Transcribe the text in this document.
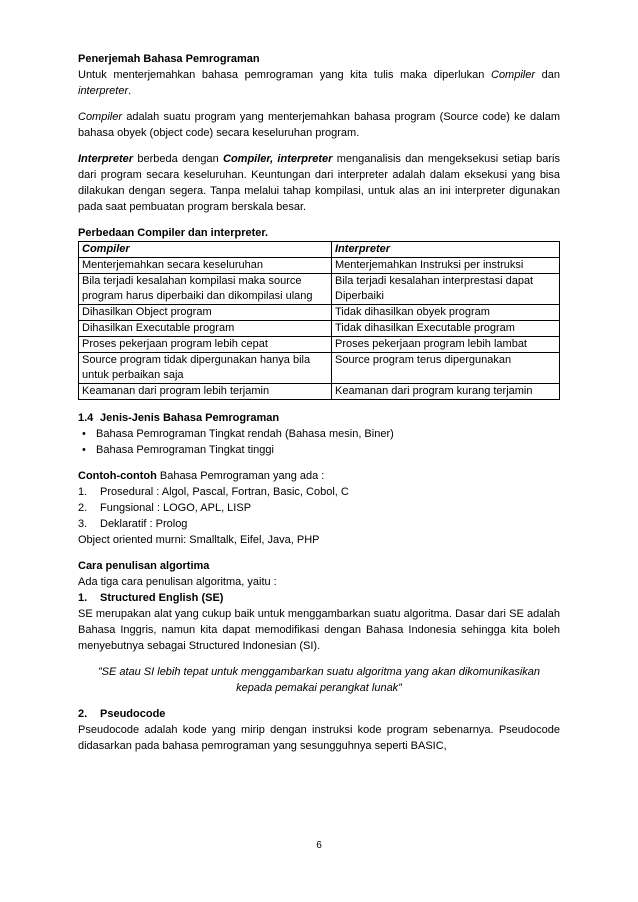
Penerjemah Bahasa Pemrograman

Untuk menterjemahkan bahasa pemrograman yang kita tulis maka diperlukan Compiler dan interpreter.

Compiler adalah suatu program yang menterjemahkan bahasa program (Source code) ke dalam bahasa obyek (object code) secara keseluruhan program.

Interpreter berbeda dengan Compiler, interpreter menganalisis dan mengeksekusi setiap baris dari program secara keseluruhan. Keuntungan dari interpreter adalah dalam eksekusi yang bisa dilakukan dengan segera. Tanpa melalui tahap kompilasi, untuk alas an ini interpreter digunakan pada saat pembuatan program berskala besar.

Perbedaan Compiler dan interpreter.

Compiler	Interpreter
Menterjemahkan secara keseluruhan	Menterjemahkan Instruksi per instruksi
Bila terjadi kesalahan kompilasi maka source program harus diperbaiki dan dikompilasi ulang	Bila terjadi kesalahan interprestasi dapat Diperbaiki
Dihasilkan Object program	Tidak dihasilkan obyek program
Dihasilkan Executable program	Tidak dihasilkan Executable program
Proses pekerjaan program lebih cepat	Proses pekerjaan program lebih lambat
Source program tidak dipergunakan hanya bila untuk perbaikan saja	Source program terus dipergunakan
Keamanan dari program lebih terjamin	Keamanan dari program kurang terjamin

1.4 Jenis-Jenis Bahasa Pemrograman

• Bahasa Pemrograman Tingkat rendah (Bahasa mesin, Biner)
• Bahasa Pemrograman Tingkat tinggi

Contoh-contoh Bahasa Pemrograman yang ada :

1. Prosedural : Algol, Pascal, Fortran, Basic, Cobol, C

2. Fungsional : LOGO, APL, LISP

3. Deklaratif : Prolog

Object oriented murni: Smalltalk, Eifel, Java, PHP

Cara penulisan algortima

Ada tiga cara penulisan algoritma, yaitu :

1. Structured English (SE)

SE merupakan alat yang cukup baik untuk menggambarkan suatu algoritma. Dasar dari SE adalah Bahasa Inggris, namun kita dapat memodifikasi dengan Bahasa Indonesia sehingga kita boleh menyebutnya sebagai Structured Indonesian (SI).

”SE atau SI lebih tepat untuk menggambarkan suatu algoritma yang akan dikomunikasikan

kepada pemakai perangkat lunak”

2. Pseudocode

Pseudocode adalah kode yang mirip dengan instruksi kode program sebenarnya. Pseudocode didasarkan pada bahasa pemrograman yang sesungguhnya seperti BASIC,

6
